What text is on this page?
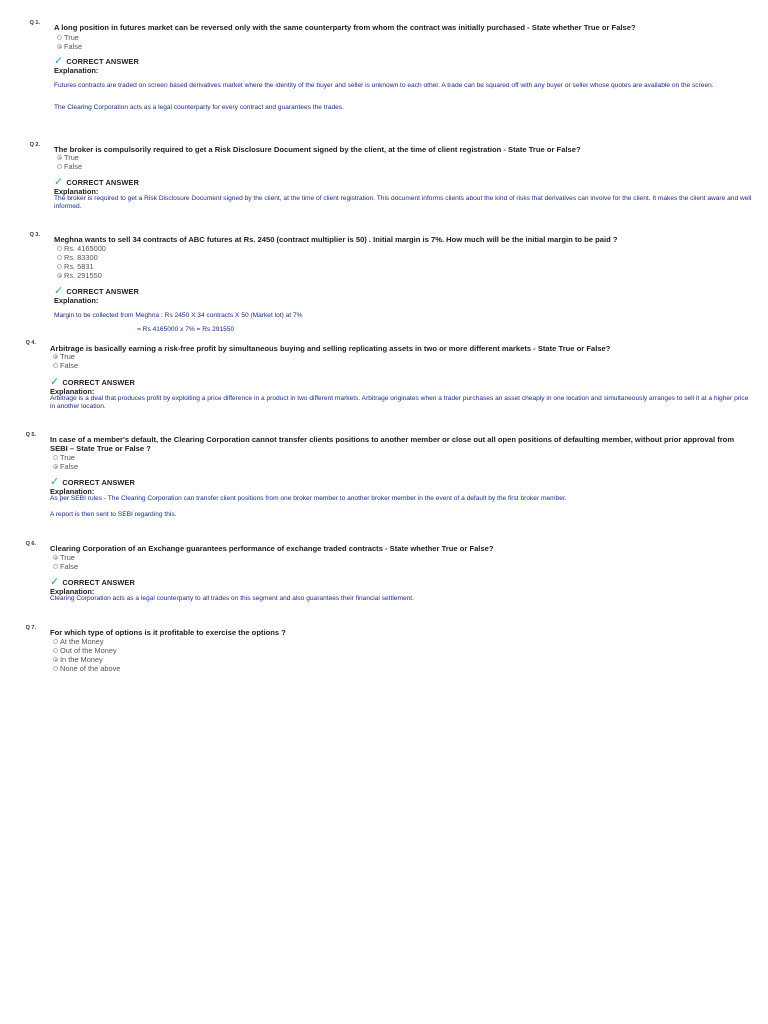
Q 1. A long position in futures market can be reversed only with the same counterparty from whom the contract was initially purchased - State whether True or False?
True
False
✓ CORRECT ANSWER
Explanation:
Futures contracts are traded on screen based derivatives market where the identity of the buyer and seller is unknown to each other. A trade can be squared off with any buyer or seller whose quotes are available on the screen.
The Clearing Corporation acts as a legal counterparty for every contract and guarantees the trades.
Q 2. The broker is compulsorily required to get a Risk Disclosure Document signed by the client, at the time of client registration - State True or False?
True
False
✓ CORRECT ANSWER
Explanation:
The broker is required to get a Risk Disclosure Document signed by the client, at the time of client registration. This document informs clients about the kind of risks that derivatives can involve for the client. It makes the client aware and well informed.
Q 3. Meghna wants to sell 34 contracts of ABC futures at Rs. 2450 (contract multiplier is 50) . Initial margin is 7%. How much will be the initial margin to be paid ?
Rs. 4165000
Rs. 83300
Rs. 5831
Rs. 291550
✓ CORRECT ANSWER
Explanation:
Margin to be collected from Meghna : Rs 2450 X 34 contracts X 50 (Market lot) at 7%
= Rs 4165000 x 7% = Rs 291550
Q 4.
Arbitrage is basically earning a risk-free profit by simultaneous buying and selling replicating assets in two or more different markets - State True or False?
True
False
✓ CORRECT ANSWER
Explanation:
Arbitrage is a deal that produces profit by exploiting a price difference in a product in two different markets. Arbitrage originates when a trader purchases an asset cheaply in one location and simultaneously arranges to sell it at a higher price in another location.
Q 5. In case of a member's default, the Clearing Corporation cannot transfer clients positions to another member or close out all open positions of defaulting member, without prior approval from SEBI – State True or False ?
True
False
✓ CORRECT ANSWER
Explanation:
As per SEBI rules - The Clearing Corporation can transfer client positions from one broker member to another broker member in the event of a default by the first broker member.
A report is then sent to SEBI regarding this.
Q 6. Clearing Corporation of an Exchange guarantees performance of exchange traded contracts - State whether True or False?
True
False
✓ CORRECT ANSWER
Explanation:
Clearing Corporation acts as a legal counterparty to all trades on this segment and also guarantees their financial settlement.
Q 7. For which type of options is it profitable to exercise the options ?
At the Money
Out of the Money
In the Money
None of the above
